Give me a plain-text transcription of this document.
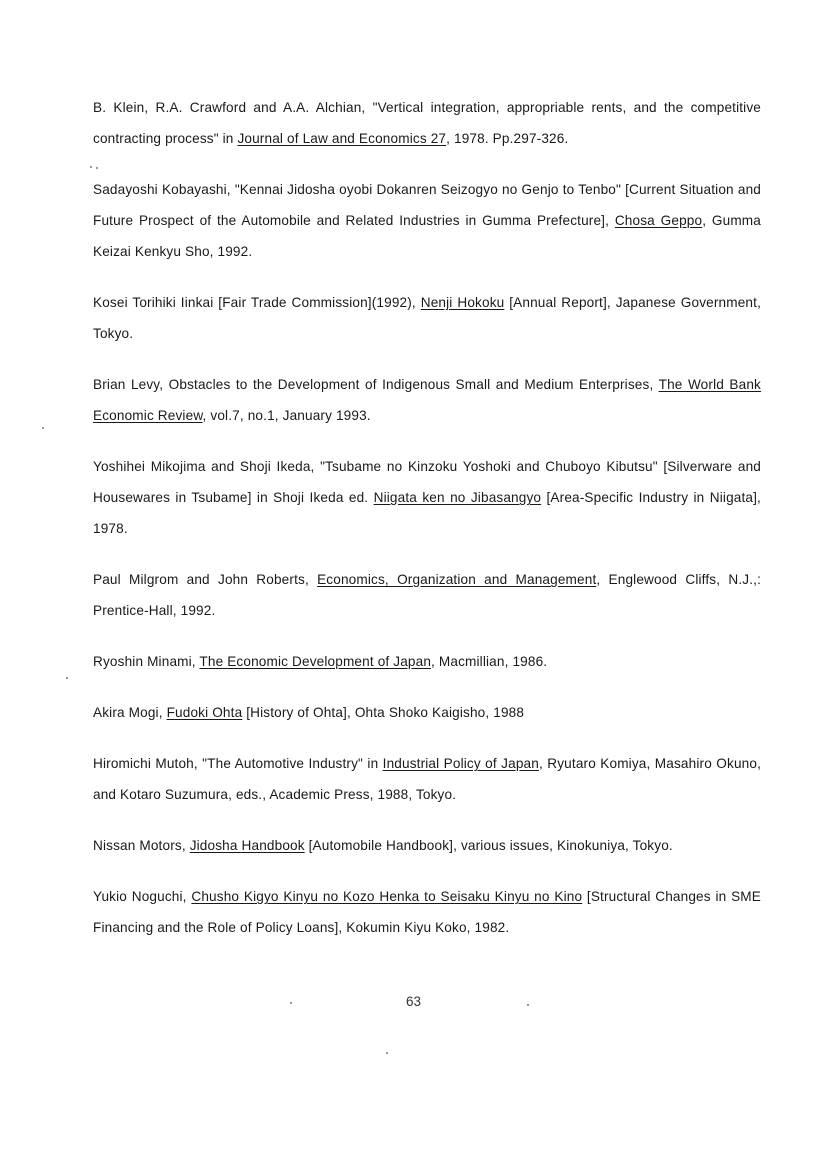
B. Klein, R.A. Crawford and A.A. Alchian, "Vertical integration, appropriable rents, and the competitive contracting process" in Journal of Law and Economics 27, 1978. Pp.297-326.

Sadayoshi Kobayashi, "Kennai Jidosha oyobi Dokanren Seizogyo no Genjo to Tenbo" [Current Situation and Future Prospect of the Automobile and Related Industries in Gumma Prefecture], Chosa Geppo, Gumma Keizai Kenkyu Sho, 1992.

Kosei Torihiki Iinkai [Fair Trade Commission](1992), Nenji Hokoku [Annual Report], Japanese Government, Tokyo.

Brian Levy, Obstacles to the Development of Indigenous Small and Medium Enterprises, The World Bank Economic Review, vol.7, no.1, January 1993.

Yoshihei Mikojima and Shoji Ikeda, "Tsubame no Kinzoku Yoshoki and Chuboyo Kibutsu" [Silverware and Housewares in Tsubame] in Shoji Ikeda ed. Niigata ken no Jibasangyo [Area-Specific Industry in Niigata], 1978.

Paul Milgrom and John Roberts, Economics, Organization and Management, Englewood Cliffs, N.J.,: Prentice-Hall, 1992.

Ryoshin Minami, The Economic Development of Japan, Macmillian, 1986.

Akira Mogi, Fudoki Ohta [History of Ohta], Ohta Shoko Kaigisho, 1988

Hiromichi Mutoh, "The Automotive Industry" in Industrial Policy of Japan, Ryutaro Komiya, Masahiro Okuno, and Kotaro Suzumura, eds., Academic Press, 1988, Tokyo.

Nissan Motors, Jidosha Handbook [Automobile Handbook], various issues, Kinokuniya, Tokyo.

Yukio Noguchi, Chusho Kigyo Kinyu no Kozo Henka to Seisaku Kinyu no Kino [Structural Changes in SME Financing and the Role of Policy Loans], Kokumin Kiyu Koko, 1982.

63
